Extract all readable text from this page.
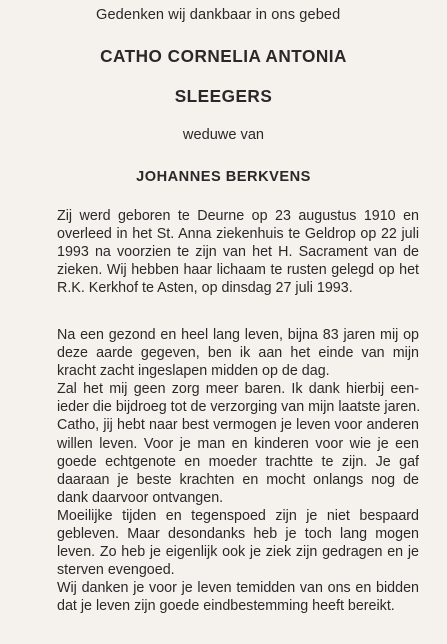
Gedenken wij dankbaar in ons gebed
CATHO CORNELIA ANTONIA
SLEEGERS
weduwe van
JOHANNES BERKVENS
Zij werd geboren te Deurne op 23 augustus 1910 en
overleed in het St. Anna ziekenhuis te Geldrop op 22 juli
1993 na voorzien te zijn van het H. Sacrament van de
zieken. Wij hebben haar lichaam te rusten gelegd op het
R.K. Kerkhof te Asten, op dinsdag 27 juli 1993.
Na een gezond en heel lang leven, bijna 83 jaren mij op
deze aarde gegeven, ben ik aan het einde van mijn
kracht zacht ingeslapen midden op de dag.
Zal het mij geen zorg meer baren. Ik dank hierbij een-
ieder die bijdroeg tot de verzorging van mijn laatste jaren.
Catho, jij hebt naar best vermogen je leven voor anderen
willen leven. Voor je man en kinderen voor wie je een
goede echtgenote en moeder trachtte te zijn. Je gaf
daaraan je beste krachten en mocht onlangs nog de
dank daarvoor ontvangen.
Moeilijke tijden en tegenspoed zijn je niet bespaard
gebleven. Maar desondanks heb je toch lang mogen
leven. Zo heb je eigenlijk ook je ziek zijn gedragen en je
sterven evengoed.
Wij danken je voor je leven temidden van ons en bidden
dat je leven zijn goede eindbestemming heeft bereikt.
